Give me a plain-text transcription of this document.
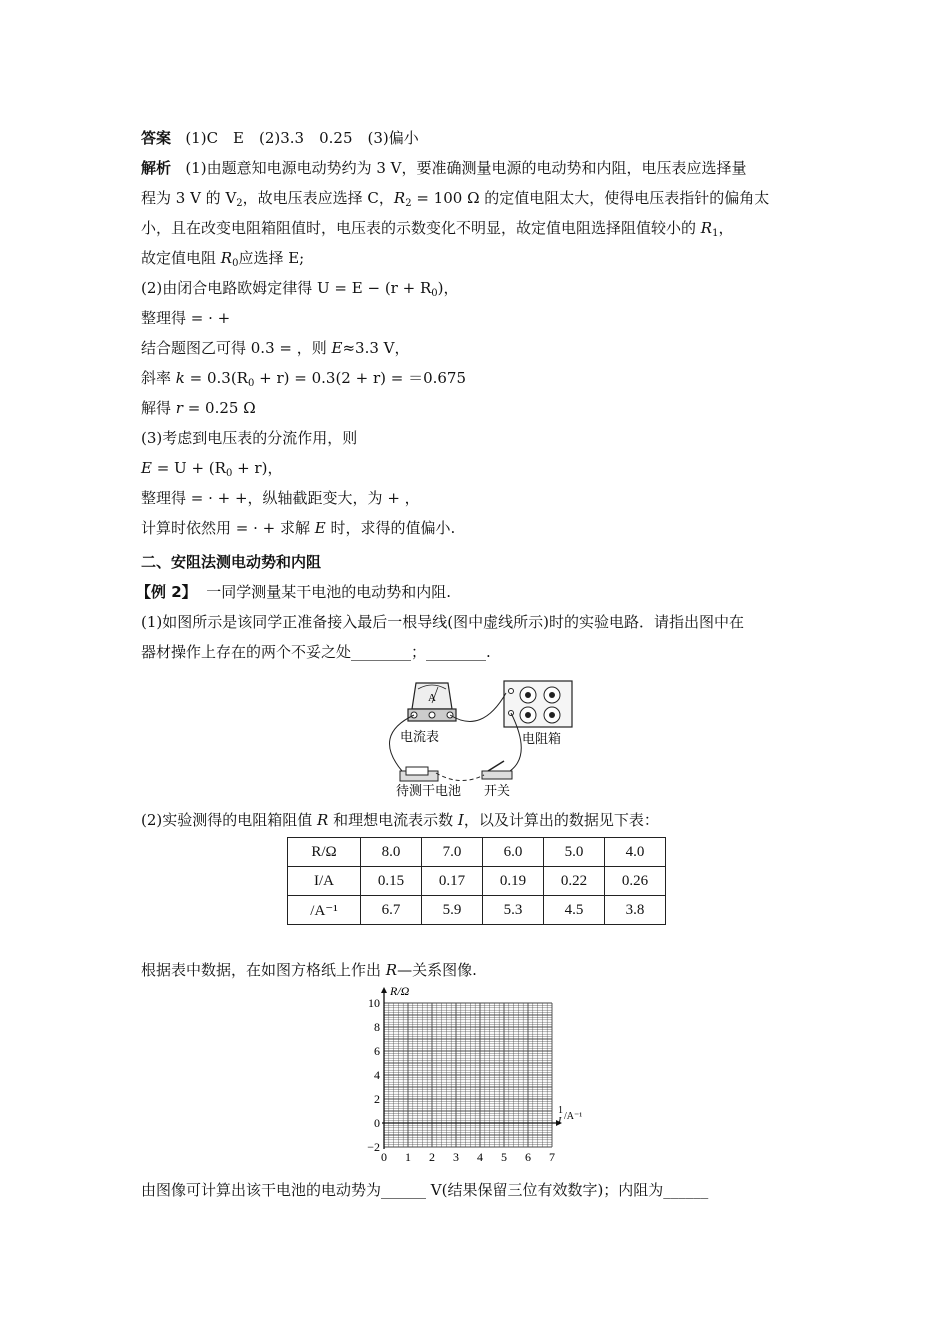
答案 (1)C　E　(2)3.3　0.25　(3)偏小
解析 (1)由题意知电源电动势约为 3 V，要准确测量电源的电动势和内阻，电压表应选择量
程为 3 V 的 $V_2$，故电压表应选择 C，$R_2 = 100$ Ω 的定值电阻太大，使得电压表指针的偏角太
小，且在改变电阻箱阻值时，电压表的示数变化不明显，故定值电阻选择阻值较小的 $R_1$，
故定值电阻 $R_0$应选择 E;
(2)由闭合电路欧姆定律得 $U = E - (r + R_0)$，
整理得 = · +
结合题图乙可得 0.3 = ，则 E≈3.3 V，
斜率 $k = 0.3(R_0 + r) = 0.3(2 + r) = =0.675$
解得 r = 0.25 Ω
(3)考虑到电压表的分流作用，则
$E = U + (R_0 + r)$，
整理得 = · + +，纵轴截距变大，为 + ，
计算时依然用 = · + 求解 E 时，求得的值偏小.
二、安阻法测电动势和内阻
【例 2】 一同学测量某干电池的电动势和内阻.
(1)如图所示是该同学正准备接入最后一根导线(图中虚线所示)时的实验电路．请指出图中在
器材操作上存在的两个不妥之处________；________.
A
电流表	电阻箱
待测干电池 开关
(2)实验测得的电阻箱阻值 R 和理想电流表示数 I，以及计算出的数据见下表：
R/Ω	8.0	7.0	6.0	5.0	4.0
I/A	0.15	0.17	0.19	0.22	0.26
/A⁻¹	6.7	5.9	5.3	4.5	3.8
根据表中数据，在如图方格纸上作出 R—关系图像.
0 1 2 3 4 5 6 7
−2
0
2
4
6
8
10
R/Ω
1
I /A⁻¹
由图像可计算出该干电池的电动势为______ V(结果保留三位有效数字)；内阻为______
